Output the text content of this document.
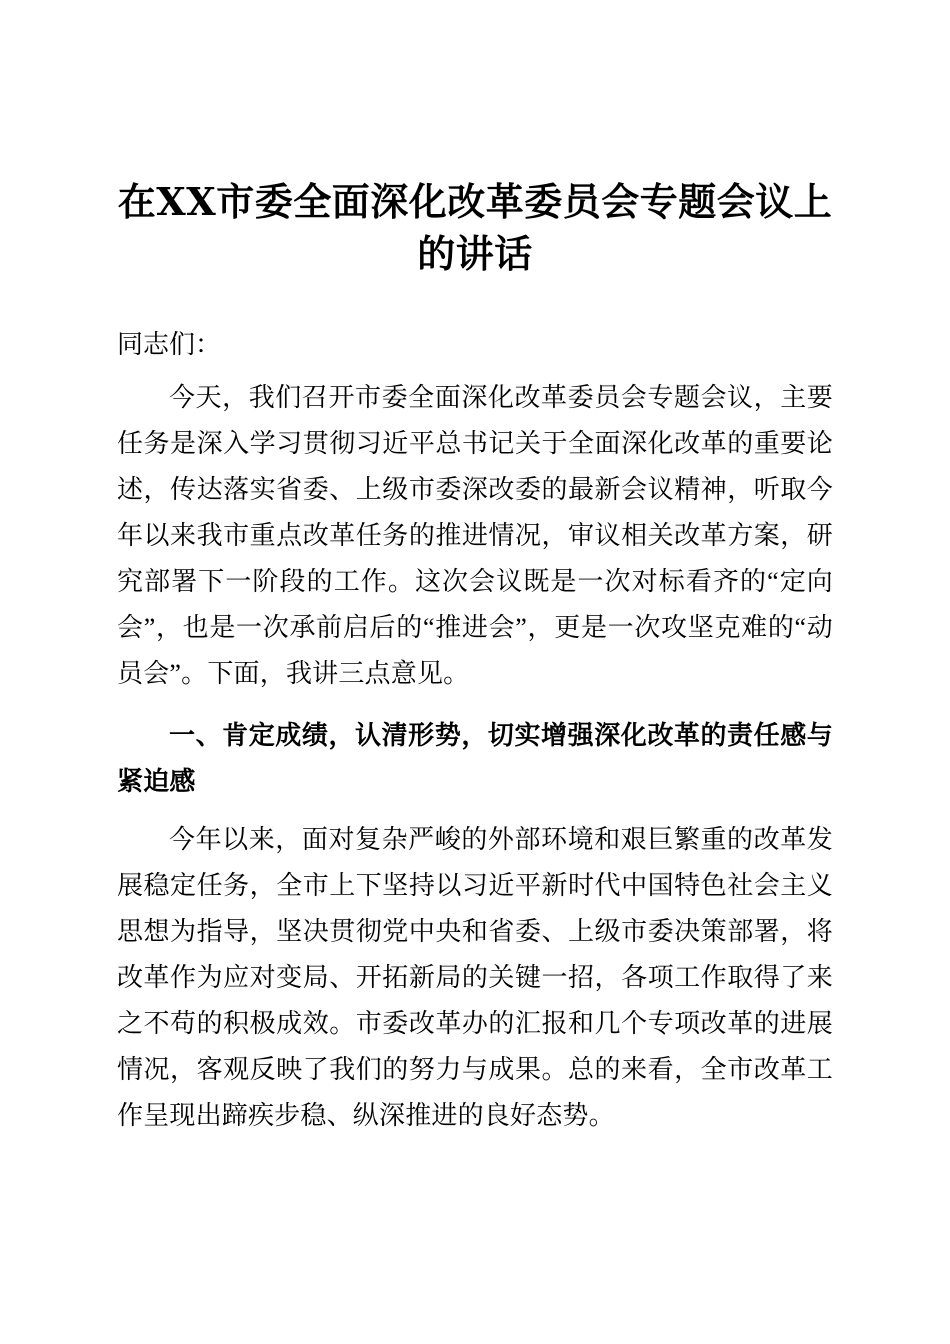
在XX市委全面深化改革委员会专题会议上的讲话

同志们：

今天，我们召开市委全面深化改革委员会专题会议，主要任务是深入学习贯彻习近平总书记关于全面深化改革的重要论述，传达落实省委、上级市委深改委的最新会议精神，听取今年以来我市重点改革任务的推进情况，审议相关改革方案，研究部署下一阶段的工作。这次会议既是一次对标看齐的“定向会”，也是一次承前启后的“推进会”，更是一次攻坚克难的“动员会”。下面，我讲三点意见。

一、肯定成绩，认清形势，切实增强深化改革的责任感与紧迫感

今年以来，面对复杂严峻的外部环境和艰巨繁重的改革发展稳定任务，全市上下坚持以习近平新时代中国特色社会主义思想为指导，坚决贯彻党中央和省委、上级市委决策部署，将改革作为应对变局、开拓新局的关键一招，各项工作取得了来之不苟的积极成效。市委改革办的汇报和几个专项改革的进展情况，客观反映了我们的努力与成果。总的来看，全市改革工作呈现出蹄疾步稳、纵深推进的良好态势。
